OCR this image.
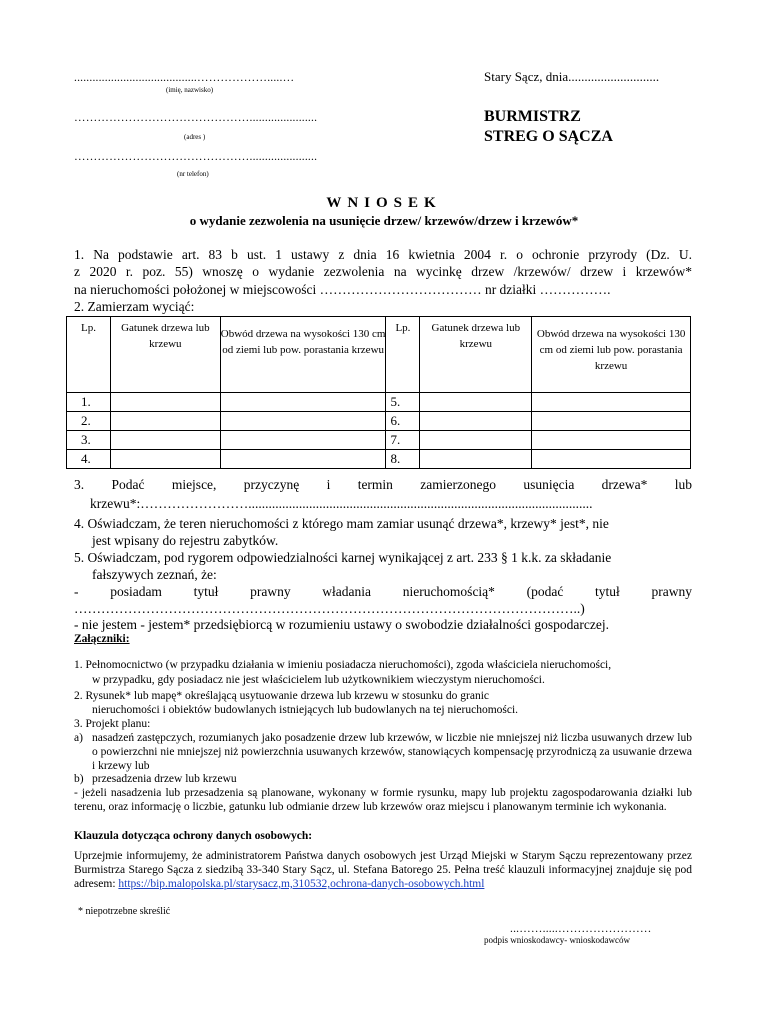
........................................……………….....…
(imię, nazwisko)
………………………………………......................
(adres )
………………………………………......................
(nr telefon)
Stary Sącz, dnia............................
BURMISTRZ
STREG O SĄCZA
WNIOSEK
o wydanie zezwolenia na usunięcie drzew/ krzewów/drzew i krzewów*
1. Na podstawie art. 83 b ust. 1 ustawy z dnia 16 kwietnia 2004 r. o ochronie przyrody (Dz. U.
z 2020 r. poz. 55) wnoszę o wydanie zezwolenia na wycinkę drzew /krzewów/ drzew i krzewów*
na nieruchomości położonej w miejscowości ……………………………… nr działki …………….
2. Zamierzam wyciąć:
Lp.	Gatunek drzewa lub krzewu	Obwód drzewa na wysokości 130 cm od ziemi lub pow. porastania krzewu	Lp.	Gatunek drzewa lub krzewu	Obwód drzewa na wysokości 130 cm od ziemi lub pow. porastania krzewu
1.			5.		
2.			6.		
3.			7.		
4.			8.		
3. Podać miejsce, przyczynę i termin zamierzonego usunięcia drzewa* lub
krzewu*:……………………......................................................................................................
4. Oświadczam, że teren nieruchomości z którego mam zamiar usunąć drzewa*, krzewy* jest*, nie
jest wpisany do rejestru zabytków.
5. Oświadczam, pod rygorem odpowiedzialności karnej wynikającej z art. 233 § 1 k.k. za składanie
fałszywych zeznań, że:
- posiadam tytuł prawny władania nieruchomością* (podać tytuł prawny
…………………………………………………………………………………………………..)
- nie jestem - jestem* przedsiębiorcą w rozumieniu ustawy o swobodzie działalności gospodarczej.
Załączniki:
1. Pełnomocnictwo (w przypadku działania w imieniu posiadacza nieruchomości), zgoda właściciela nieruchomości,
w przypadku, gdy posiadacz nie jest właścicielem lub użytkownikiem wieczystym nieruchomości.
2. Rysunek* lub mapę* określającą usytuowanie drzewa lub krzewu w stosunku do granic
nieruchomości i obiektów budowlanych istniejących lub budowlanych na tej nieruchomości.
3. Projekt planu:
a) nasadzeń zastępczych, rozumianych jako posadzenie drzew lub krzewów, w liczbie nie mniejszej niż liczba usuwanych drzew lub o powierzchni nie mniejszej niż powierzchnia usuwanych krzewów, stanowiących kompensację przyrodniczą za usuwanie drzewa i krzewy lub
b) przesadzenia drzew lub krzewu
- jeżeli nasadzenia lub przesadzenia są planowane, wykonany w formie rysunku, mapy lub projektu zagospodarowania działki lub terenu, oraz informację o liczbie, gatunku lub odmianie drzew lub krzewów oraz miejscu i planowanym terminie ich wykonania.
Klauzula dotycząca ochrony danych osobowych:
Uprzejmie informujemy, że administratorem Państwa danych osobowych jest Urząd Miejski w Starym Sączu reprezentowany przez Burmistrza Starego Sącza z siedzibą 33-340 Stary Sącz, ul. Stefana Batorego 25. Pełna treść klauzuli informacyjnej znajduje się pod adresem: https://bip.malopolska.pl/starysacz,m,310532,ochrona-danych-osobowych.html
* niepotrzebne skreślić
...…….....……………………
podpis wnioskodawcy- wnioskodawców
